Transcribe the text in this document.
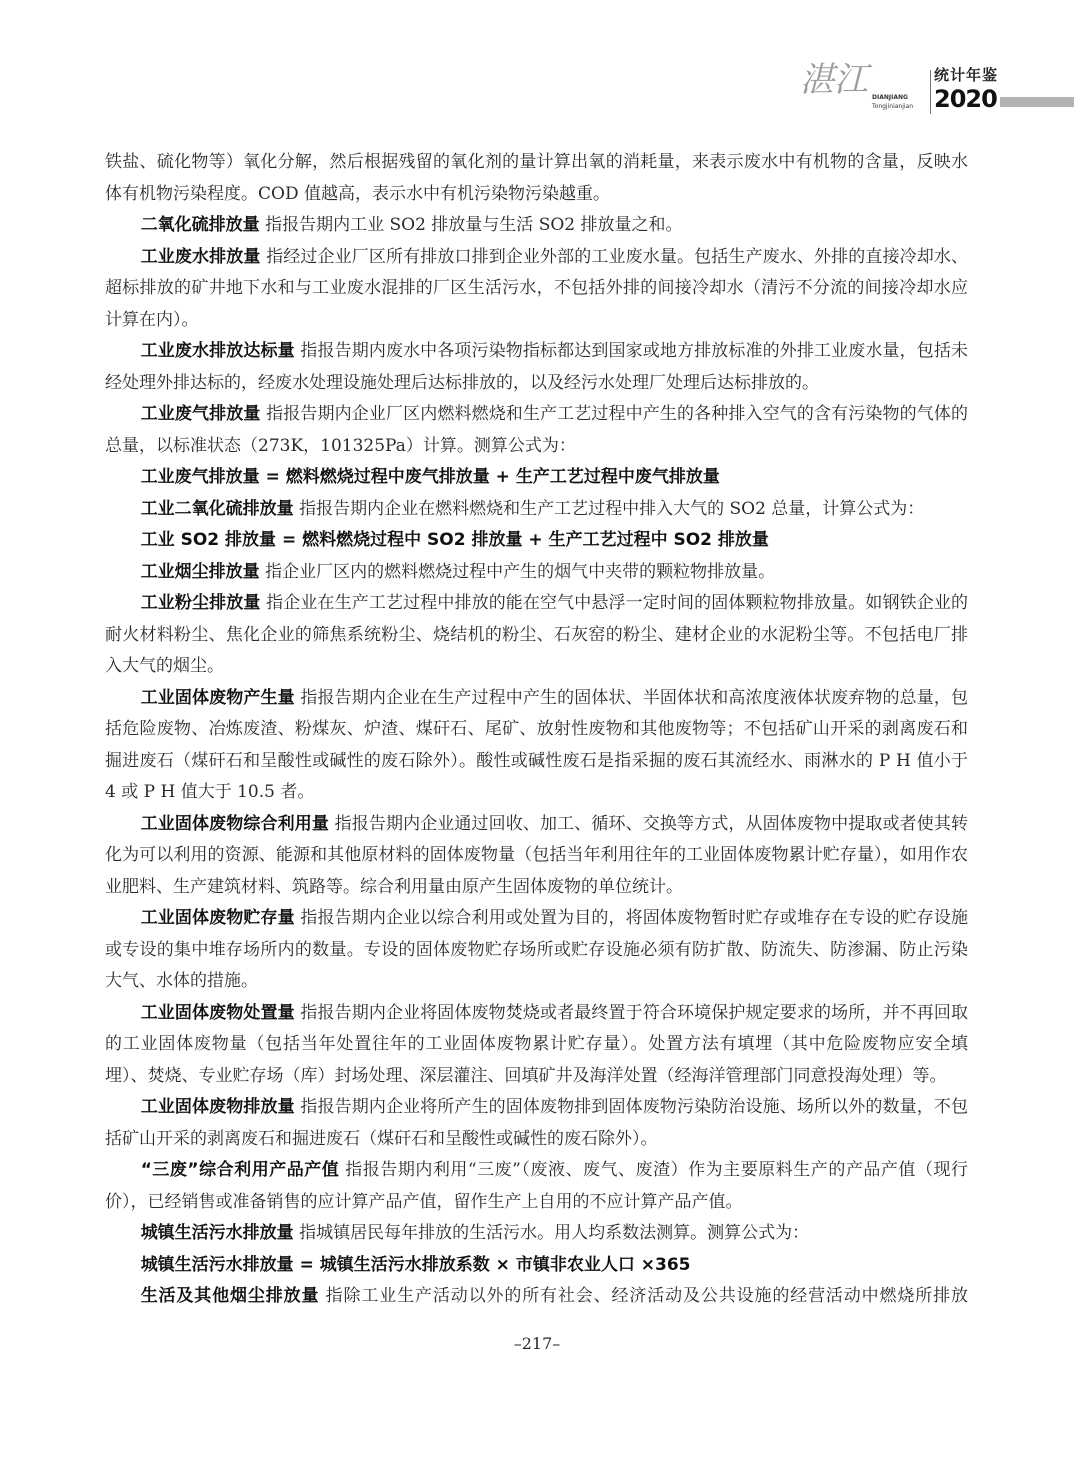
湛江 DIANJIANG
Tongjinianjian
统计年鉴
2020

铁盐、硫化物等）氧化分解，然后根据残留的氧化剂的量计算出氧的消耗量，来表示废水中有机物的含量，反映水体有机物污染程度。COD 值越高，表示水中有机污染物污染越重。

二氧化硫排放量 指报告期内工业 SO2 排放量与生活 SO2 排放量之和。

工业废水排放量 指经过企业厂区所有排放口排到企业外部的工业废水量。包括生产废水、外排的直接冷却水、超标排放的矿井地下水和与工业废水混排的厂区生活污水，不包括外排的间接冷却水（清污不分流的间接冷却水应计算在内）。

工业废水排放达标量 指报告期内废水中各项污染物指标都达到国家或地方排放标准的外排工业废水量，包括未经处理外排达标的，经废水处理设施处理后达标排放的，以及经污水处理厂处理后达标排放的。

工业废气排放量 指报告期内企业厂区内燃料燃烧和生产工艺过程中产生的各种排入空气的含有污染物的气体的总量，以标准状态（273K，101325Pa）计算。测算公式为：

工业废气排放量 = 燃料燃烧过程中废气排放量 + 生产工艺过程中废气排放量

工业二氧化硫排放量 指报告期内企业在燃料燃烧和生产工艺过程中排入大气的 SO2 总量，计算公式为：

工业 SO2 排放量 = 燃料燃烧过程中 SO2 排放量 + 生产工艺过程中 SO2 排放量

工业烟尘排放量 指企业厂区内的燃料燃烧过程中产生的烟气中夹带的颗粒物排放量。

工业粉尘排放量 指企业在生产工艺过程中排放的能在空气中悬浮一定时间的固体颗粒物排放量。如钢铁企业的耐火材料粉尘、焦化企业的筛焦系统粉尘、烧结机的粉尘、石灰窑的粉尘、建材企业的水泥粉尘等。不包括电厂排入大气的烟尘。

工业固体废物产生量 指报告期内企业在生产过程中产生的固体状、半固体状和高浓度液体状废弃物的总量，包括危险废物、冶炼废渣、粉煤灰、炉渣、煤矸石、尾矿、放射性废物和其他废物等；不包括矿山开采的剥离废石和掘进废石（煤矸石和呈酸性或碱性的废石除外）。酸性或碱性废石是指采掘的废石其流经水、雨淋水的 P H 值小于 4 或 P H 值大于 10.5 者。

工业固体废物综合利用量 指报告期内企业通过回收、加工、循环、交换等方式，从固体废物中提取或者使其转化为可以利用的资源、能源和其他原材料的固体废物量（包括当年利用往年的工业固体废物累计贮存量），如用作农业肥料、生产建筑材料、筑路等。综合利用量由原产生固体废物的单位统计。

工业固体废物贮存量 指报告期内企业以综合利用或处置为目的，将固体废物暂时贮存或堆存在专设的贮存设施或专设的集中堆存场所内的数量。专设的固体废物贮存场所或贮存设施必须有防扩散、防流失、防渗漏、防止污染大气、水体的措施。

工业固体废物处置量 指报告期内企业将固体废物焚烧或者最终置于符合环境保护规定要求的场所，并不再回取的工业固体废物量（包括当年处置往年的工业固体废物累计贮存量）。处置方法有填埋（其中危险废物应安全填埋）、焚烧、专业贮存场（库）封场处理、深层灌注、回填矿井及海洋处置（经海洋管理部门同意投海处理）等。

工业固体废物排放量 指报告期内企业将所产生的固体废物排到固体废物污染防治设施、场所以外的数量，不包括矿山开采的剥离废石和掘进废石（煤矸石和呈酸性或碱性的废石除外）。

“三废”综合利用产品产值 指报告期内利用“三废”（废液、废气、废渣）作为主要原料生产的产品产值（现行价），已经销售或准备销售的应计算产品产值，留作生产上自用的不应计算产品产值。

城镇生活污水排放量 指城镇居民每年排放的生活污水。用人均系数法测算。测算公式为：

城镇生活污水排放量 = 城镇生活污水排放系数 × 市镇非农业人口 ×365

生活及其他烟尘排放量 指除工业生产活动以外的所有社会、经济活动及公共设施的经营活动中燃烧所排放

–217–
